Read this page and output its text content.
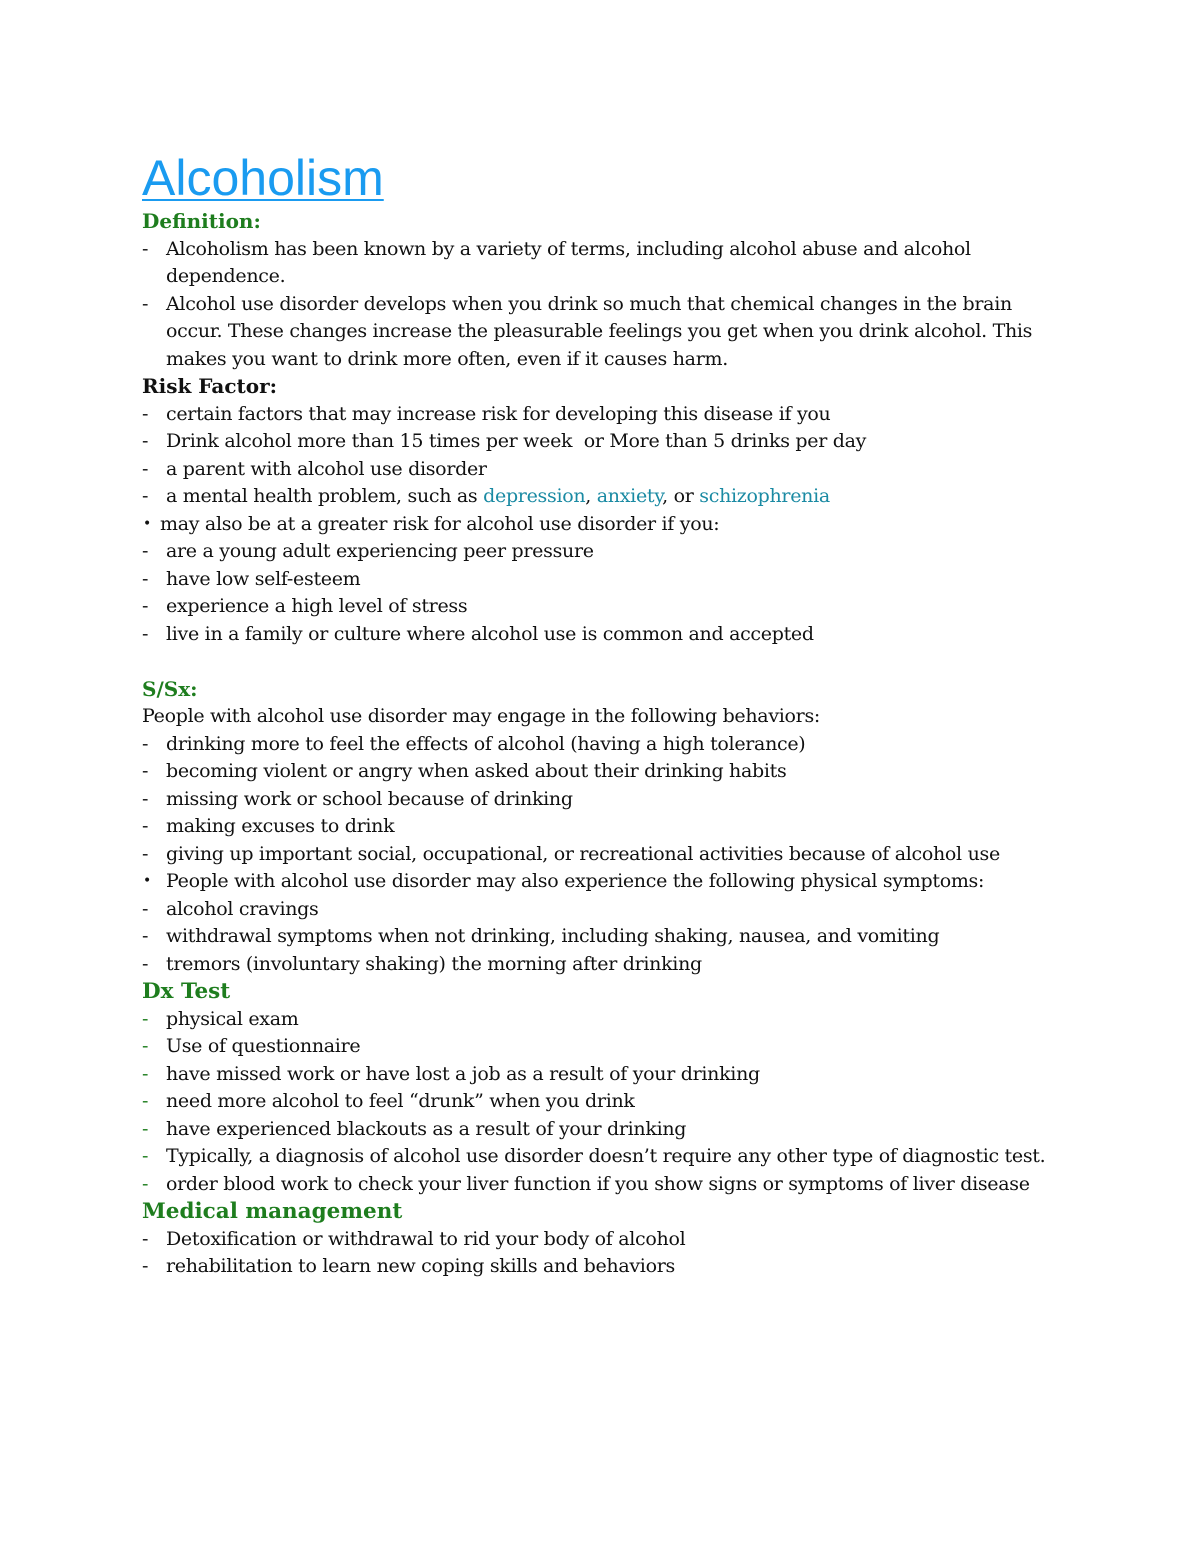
Alcoholism
Definition:
- Alcoholism has been known by a variety of terms, including alcohol abuse and alcohol dependence.
- Alcohol use disorder develops when you drink so much that chemical changes in the brain occur. These changes increase the pleasurable feelings you get when you drink alcohol. This makes you want to drink more often, even if it causes harm.
Risk Factor:
- certain factors that may increase risk for developing this disease if you
- Drink alcohol more than 15 times per week  or More than 5 drinks per day
- a parent with alcohol use disorder
- a mental health problem, such as depression, anxiety, or schizophrenia
• may also be at a greater risk for alcohol use disorder if you:
- are a young adult experiencing peer pressure
- have low self-esteem
- experience a high level of stress
- live in a family or culture where alcohol use is common and accepted
S/Sx:
People with alcohol use disorder may engage in the following behaviors:
- drinking more to feel the effects of alcohol (having a high tolerance)
- becoming violent or angry when asked about their drinking habits
- missing work or school because of drinking
- making excuses to drink
- giving up important social, occupational, or recreational activities because of alcohol use
• People with alcohol use disorder may also experience the following physical symptoms:
- alcohol cravings
- withdrawal symptoms when not drinking, including shaking, nausea, and vomiting
- tremors (involuntary shaking) the morning after drinking
Dx Test
- physical exam
- Use of questionnaire
- have missed work or have lost a job as a result of your drinking
- need more alcohol to feel “drunk” when you drink
- have experienced blackouts as a result of your drinking
- Typically, a diagnosis of alcohol use disorder doesn’t require any other type of diagnostic test.
- order blood work to check your liver function if you show signs or symptoms of liver disease
Medical management
- Detoxification or withdrawal to rid your body of alcohol
- rehabilitation to learn new coping skills and behaviors
